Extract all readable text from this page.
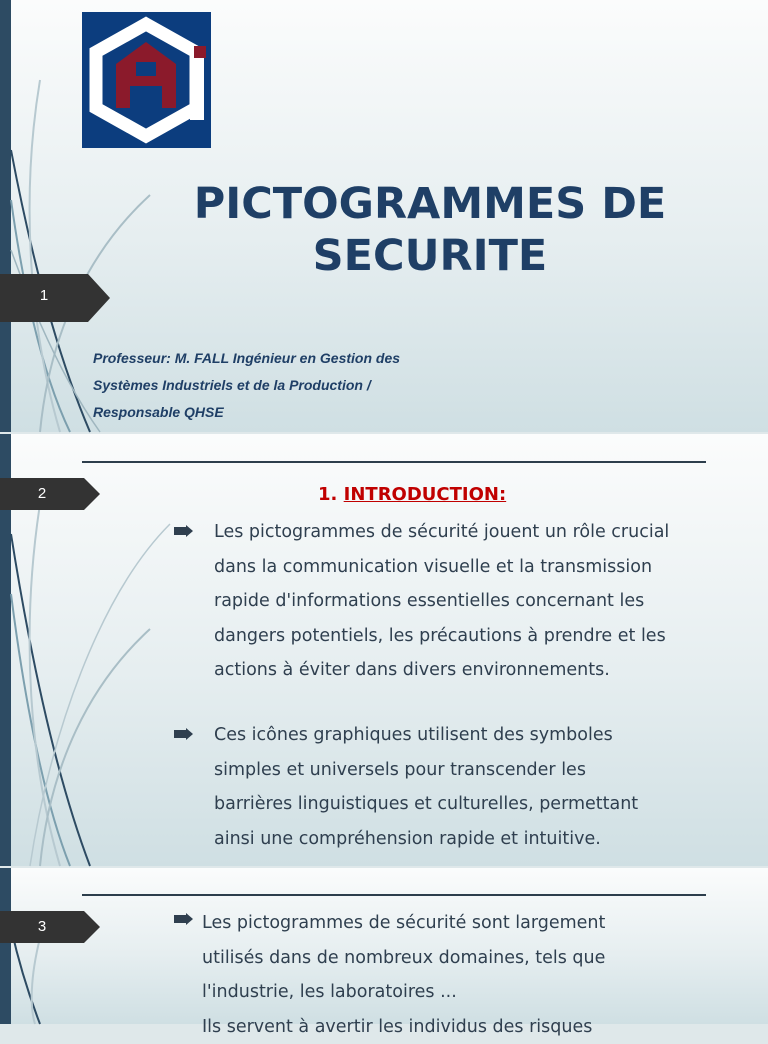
1
PICTOGRAMMES DE
SECURITE
Professeur: M. FALL Ingénieur en Gestion des
Systèmes Industriels et de la Production /
Responsable QHSE
2	1. INTRODUCTION:
Les pictogrammes de sécurité jouent un rôle crucial
dans la communication visuelle et la transmission
rapide d'informations essentielles concernant les
dangers potentiels, les précautions à prendre et les
actions à éviter dans divers environnements.
Ces icônes graphiques utilisent des symboles
simples et universels pour transcender les
barrières linguistiques et culturelles, permettant
ainsi une compréhension rapide et intuitive.
3	Les pictogrammes de sécurité sont largement
utilisés dans de nombreux domaines, tels que
l'industrie, les laboratoires ...
Ils servent à avertir les individus des risques
